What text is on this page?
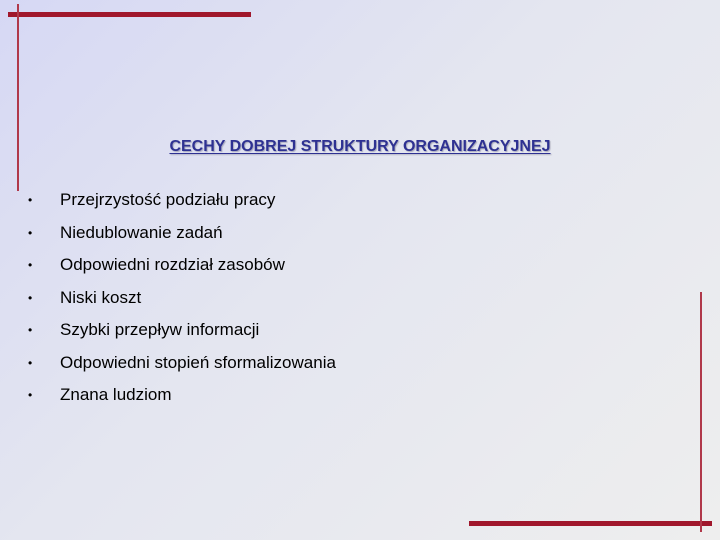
CECHY DOBREJ STRUKTURY ORGANIZACYJNEJ
• Przejrzystość podziału pracy
• Niedublowanie zadań
• Odpowiedni rozdział zasobów
• Niski koszt
• Szybki przepływ informacji
• Odpowiedni stopień sformalizowania
• Znana ludziom
